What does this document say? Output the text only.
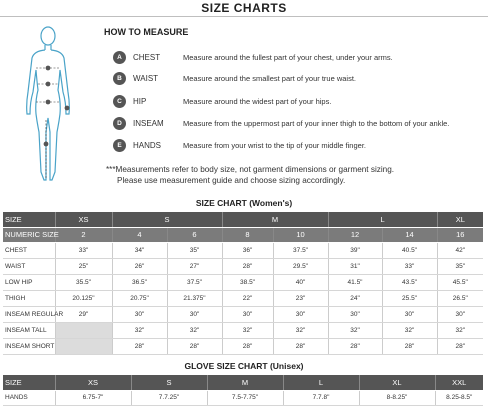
SIZE CHARTS
HOW TO MEASURE
A	CHEST	Measure around the fullest part of your chest, under your arms.
B	WAIST	Measure around the smallest part of your true waist.
C	HIP	Measure around the widest part of your hips.
D	INSEAM	Measure from the uppermost part of your inner thigh to the bottom of your ankle.
E	HANDS	Measure from your wrist to the tip of your middle finger.
***Measurements refer to body size, not garment dimensions or garment sizing.
Please use measurement guide and choose sizing accordingly.
SIZE CHART (Women's)
SIZE	XS	S		M		L		XL
NUMERIC SIZE	2	4	6	8	10	12	14	16
CHEST	33"	34"	35"	36"	37.5"	39"	40.5"	42"
WAIST	25"	26"	27"	28"	29.5"	31"	33"	35"
LOW HIP	35.5"	36.5"	37.5"	38.5"	40"	41.5"	43.5"	45.5"
THIGH	20.125"	20.75"	21.375"	22"	23"	24"	25.5"	26.5"
INSEAM REGULAR	29"	30"	30"	30"	30"	30"	30"	30"
INSEAM TALL		32"	32"	32"	32"	32"	32"	32"
INSEAM SHORT		28"	28"	28"	28"	28"	28"	28"
GLOVE SIZE CHART (Unisex)
SIZE	XS	S	M	L	XL	XXL
HANDS	6.75-7"	7.7.25"	7.5-7.75"	7.7.8"	8-8.25"	8.25-8.5"
